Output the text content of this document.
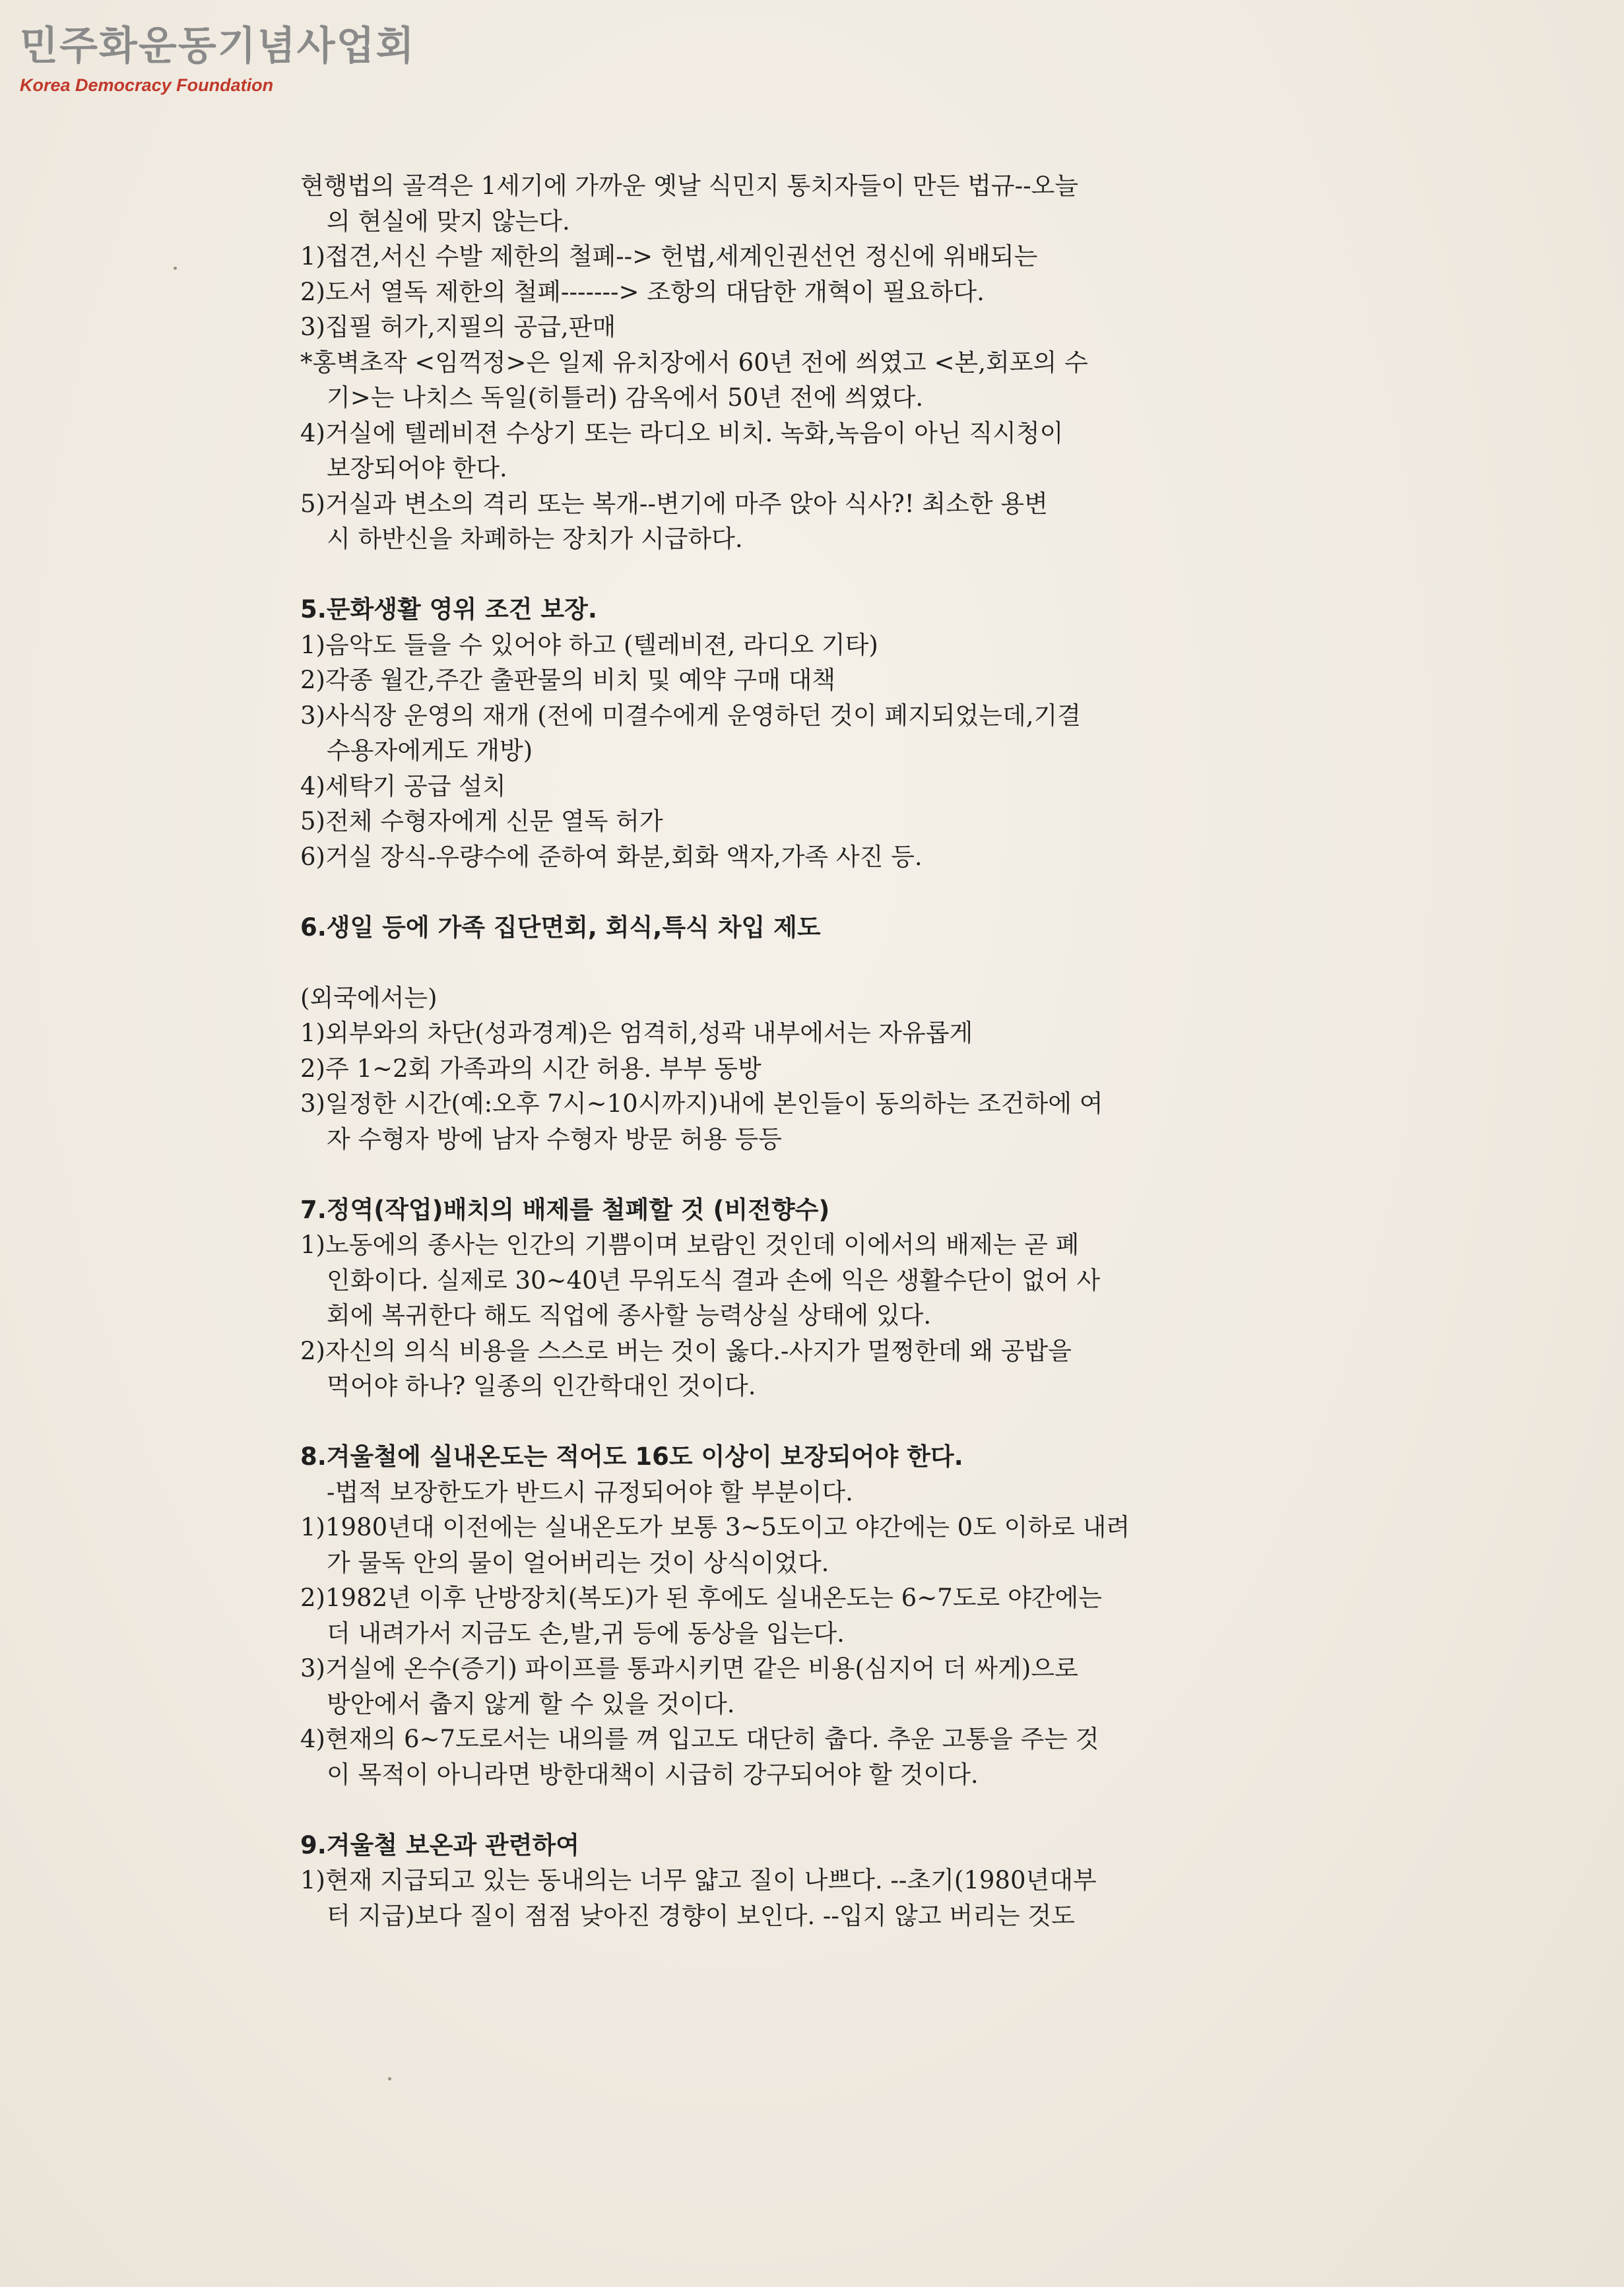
민주화운동기념사업회
Korea Democracy Foundation
현행법의 골격은 1세기에 가까운 옛날 식민지 통치자들이 만든 법규--오늘
의 현실에 맞지 않는다.
1)접견,서신 수발 제한의 철폐--> 헌법,세계인권선언 정신에 위배되는
2)도서 열독 제한의 철폐-------> 조항의 대담한 개혁이 필요하다.
3)집필 허가,지필의 공급,판매
*홍벽초작 <임꺽정>은 일제 유치장에서 60년 전에 씌였고 <본,회포의 수
기>는 나치스 독일(히틀러) 감옥에서 50년 전에 씌였다.
4)거실에 텔레비젼 수상기 또는 라디오 비치. 녹화,녹음이 아닌 직시청이
보장되어야 한다.
5)거실과 변소의 격리 또는 복개--변기에 마주 앉아 식사?! 최소한 용변
시 하반신을 차폐하는 장치가 시급하다.
5.문화생활 영위 조건 보장.
1)음악도 들을 수 있어야 하고 (텔레비젼, 라디오 기타)
2)각종 월간,주간 출판물의 비치 및 예약 구매 대책
3)사식장 운영의 재개 (전에 미결수에게 운영하던 것이 폐지되었는데,기결
수용자에게도 개방)
4)세탁기 공급 설치
5)전체 수형자에게 신문 열독 허가
6)거실 장식-우량수에 준하여 화분,회화 액자,가족 사진 등.
6.생일 등에 가족 집단면회, 회식,특식 차입 제도
(외국에서는)
1)외부와의 차단(성과경계)은 엄격히,성곽 내부에서는 자유롭게
2)주 1~2회 가족과의 시간 허용. 부부 동방
3)일정한 시간(예:오후 7시~10시까지)내에 본인들이 동의하는 조건하에 여
자 수형자 방에 남자 수형자 방문 허용 등등
7.정역(작업)배치의 배제를 철폐할 것 (비전향수)
1)노동에의 종사는 인간의 기쁨이며 보람인 것인데 이에서의 배제는 곧 폐
인화이다. 실제로 30~40년 무위도식 결과 손에 익은 생활수단이 없어 사
회에 복귀한다 해도 직업에 종사할 능력상실 상태에 있다.
2)자신의 의식 비용을 스스로 버는 것이 옳다.-사지가 멀쩡한데 왜 공밥을
먹어야 하나? 일종의 인간학대인 것이다.
8.겨울철에 실내온도는 적어도 16도 이상이 보장되어야 한다.
-법적 보장한도가 반드시 규정되어야 할 부분이다.
1)1980년대 이전에는 실내온도가 보통 3~5도이고 야간에는 0도 이하로 내려
가 물독 안의 물이 얼어버리는 것이 상식이었다.
2)1982년 이후 난방장치(복도)가 된 후에도 실내온도는 6~7도로 야간에는
더 내려가서 지금도 손,발,귀 등에 동상을 입는다.
3)거실에 온수(증기) 파이프를 통과시키면 같은 비용(심지어 더 싸게)으로
방안에서 춥지 않게 할 수 있을 것이다.
4)현재의 6~7도로서는 내의를 껴 입고도 대단히 춥다. 추운 고통을 주는 것
이 목적이 아니라면 방한대책이 시급히 강구되어야 할 것이다.
9.겨울철 보온과 관련하여
1)현재 지급되고 있는 동내의는 너무 얇고 질이 나쁘다. --초기(1980년대부
터 지급)보다 질이 점점 낮아진 경향이 보인다. --입지 않고 버리는 것도
